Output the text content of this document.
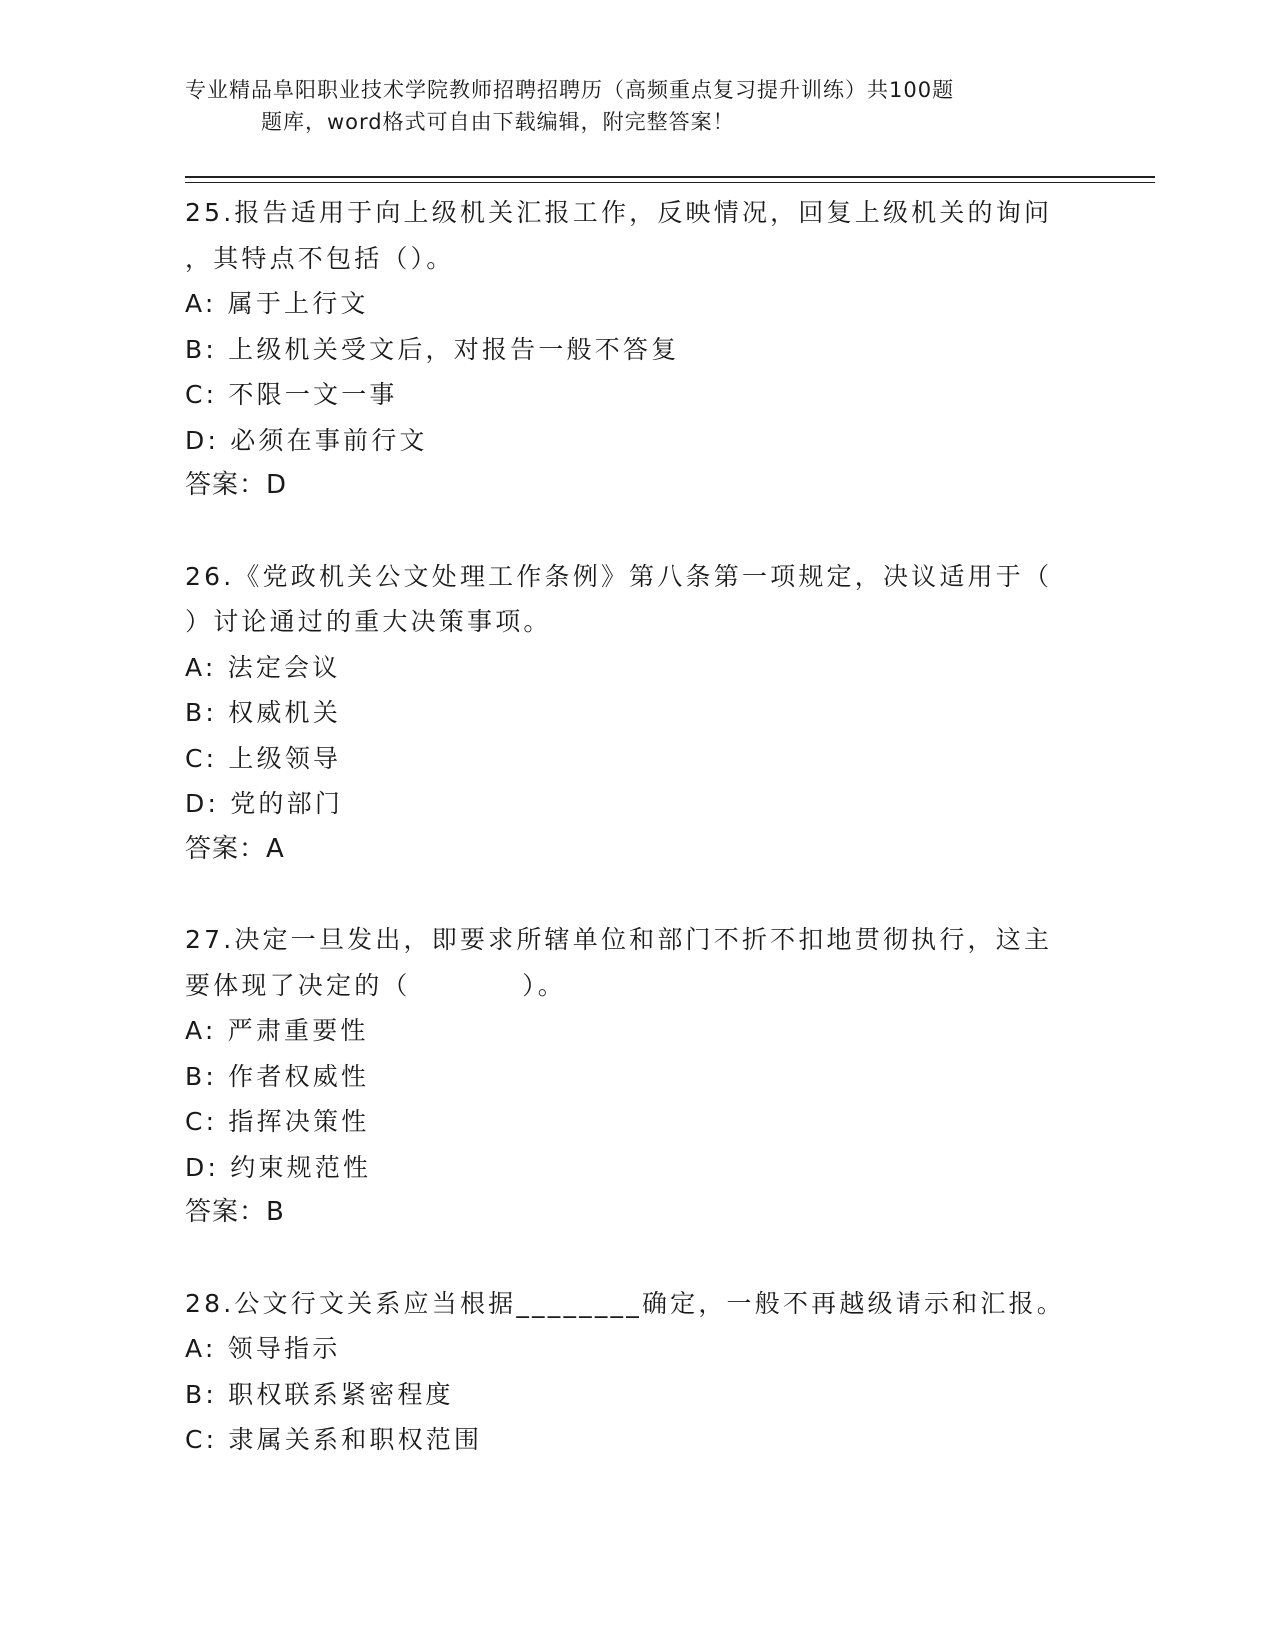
专业精品阜阳职业技术学院教师招聘招聘历（高频重点复习提升训练）共100题
题库，word格式可自由下载编辑，附完整答案！
25.报告适用于向上级机关汇报工作，反映情况，回复上级机关的询问
，其特点不包括（）。
A: 属于上行文
B: 上级机关受文后，对报告一般不答复
C: 不限一文一事
D: 必须在事前行文
答案：D
26.《党政机关公文处理工作条例》第八条第一项规定，决议适用于（
）讨论通过的重大决策事项。
A: 法定会议
B: 权威机关
C: 上级领导
D: 党的部门
答案：A
27.决定一旦发出，即要求所辖单位和部门不折不扣地贯彻执行，这主
要体现了决定的（          ）。
A: 严肃重要性
B: 作者权威性
C: 指挥决策性
D: 约束规范性
答案：B
28.公文行文关系应当根据________确定，一般不再越级请示和汇报。
A: 领导指示
B: 职权联系紧密程度
C: 隶属关系和职权范围
